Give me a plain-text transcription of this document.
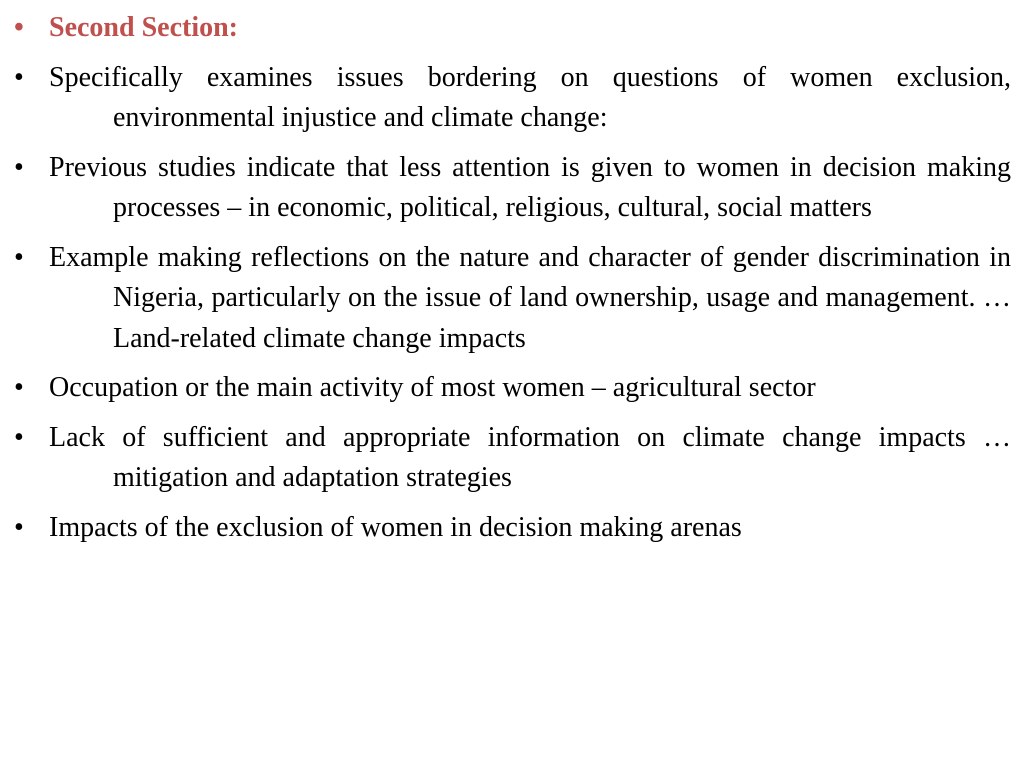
• Second Section:
• Specifically examines issues bordering on questions of women exclusion, environmental injustice and climate change:
• Previous studies indicate that less attention is given to women in decision making processes – in economic, political, religious, cultural, social matters
• Example making reflections on the nature and character of gender discrimination in Nigeria, particularly on the issue of land ownership, usage and management. … Land-related climate change impacts
• Occupation or the main activity of most women – agricultural sector
• Lack of sufficient and appropriate information on climate change impacts … mitigation and adaptation strategies
• Impacts of the exclusion of women in decision making arenas
